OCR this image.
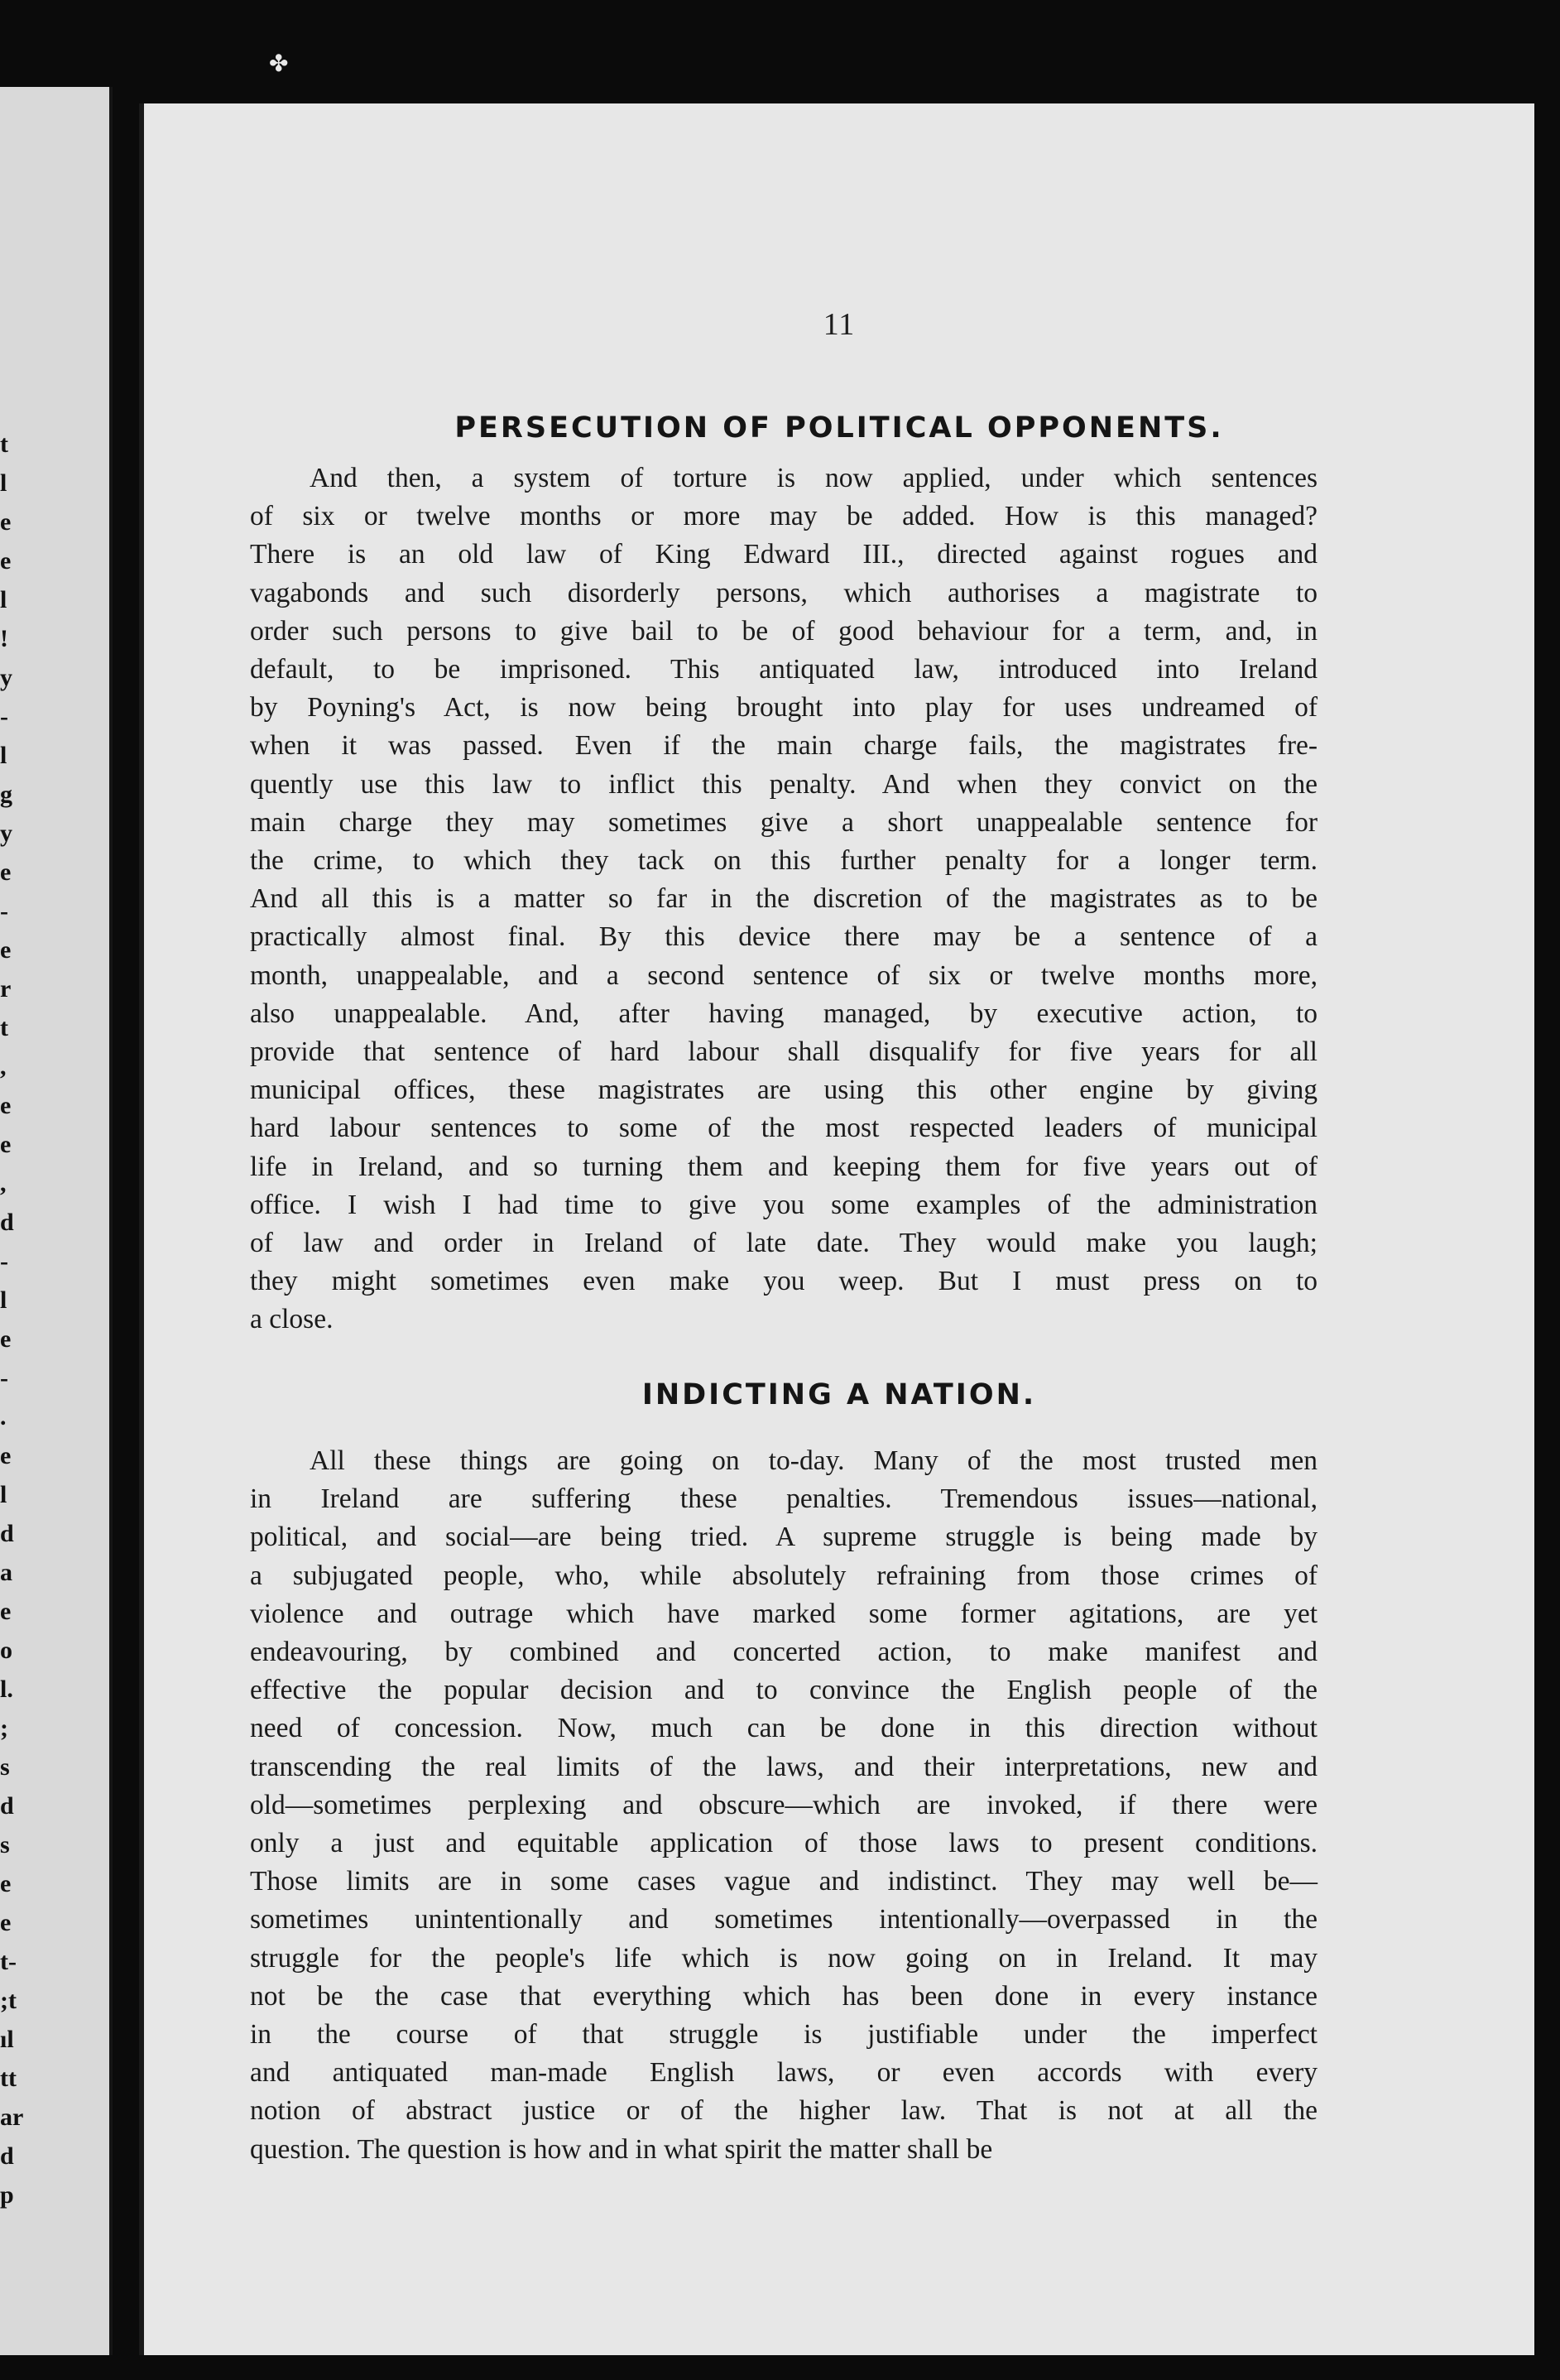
t
l
e
e
l
!
y
-
l
g
y
e
-
e
r
t
,
e
e
,
d
-
l
e
-
.
e
l
d
a
e
o
l.
;
s
d
s
e
e
t-
;t
ıl
tt
ar
d
p
✤
11
PERSECUTION OF POLITICAL OPPONENTS.
And then, a system of torture is now applied, under which sentences
of six or twelve months or more may be added. How is this managed?
There is an old law of King Edward III., directed against rogues and
vagabonds and such disorderly persons, which authorises a magistrate to
order such persons to give bail to be of good behaviour for a term, and, in
default, to be imprisoned. This antiquated law, introduced into Ireland
by Poyning's Act, is now being brought into play for uses undreamed of
when it was passed. Even if the main charge fails, the magistrates fre-
quently use this law to inflict this penalty. And when they convict on the
main charge they may sometimes give a short unappealable sentence for
the crime, to which they tack on this further penalty for a longer term.
And all this is a matter so far in the discretion of the magistrates as to be
practically almost final. By this device there may be a sentence of a
month, unappealable, and a second sentence of six or twelve months more,
also unappealable. And, after having managed, by executive action, to
provide that sentence of hard labour shall disqualify for five years for all
municipal offices, these magistrates are using this other engine by giving
hard labour sentences to some of the most respected leaders of municipal
life in Ireland, and so turning them and keeping them for five years out of
office. I wish I had time to give you some examples of the administration
of law and order in Ireland of late date. They would make you laugh;
they might sometimes even make you weep. But I must press on to
a close.
INDICTING A NATION.
All these things are going on to-day. Many of the most trusted men
in Ireland are suffering these penalties. Tremendous issues—national,
political, and social—are being tried. A supreme struggle is being made by
a subjugated people, who, while absolutely refraining from those crimes of
violence and outrage which have marked some former agitations, are yet
endeavouring, by combined and concerted action, to make manifest and
effective the popular decision and to convince the English people of the
need of concession. Now, much can be done in this direction without
transcending the real limits of the laws, and their interpretations, new and
old—sometimes perplexing and obscure—which are invoked, if there were
only a just and equitable application of those laws to present conditions.
Those limits are in some cases vague and indistinct. They may well be—
sometimes unintentionally and sometimes intentionally—overpassed in the
struggle for the people's life which is now going on in Ireland. It may
not be the case that everything which has been done in every instance
in the course of that struggle is justifiable under the imperfect
and antiquated man-made English laws, or even accords with every
notion of abstract justice or of the higher law. That is not at all the
question. The question is how and in what spirit the matter shall be
